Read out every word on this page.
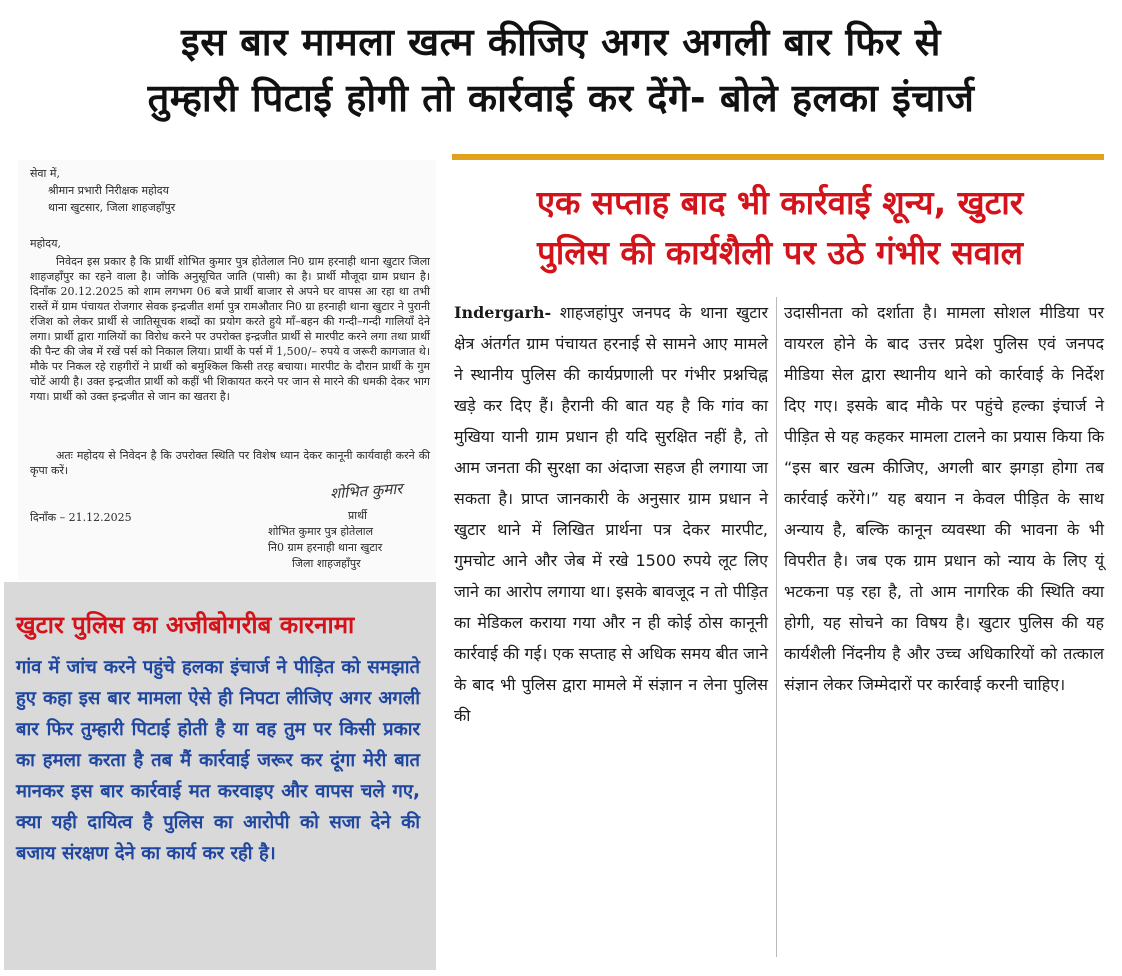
इस बार मामला खत्म कीजिए अगर अगली बार फिर से
तुम्हारी पिटाई होगी तो कार्रवाई कर देंगे- बोले हलका इंचार्ज
एक सप्ताह बाद भी कार्रवाई शून्य, खुटार
पुलिस की कार्यशैली पर उठे गंभीर सवाल
सेवा में,
श्रीमान प्रभारी निरीक्षक महोदय
थाना खुटसार, जिला शाहजहाँपुर
महोदय,
निवेदन इस प्रकार है कि प्रार्थी शोभित कुमार पुत्र होतेलाल नि0 ग्राम हरनाही थाना खुटार जिला शाहजहाँपुर का रहने वाला है। जोकि अनुसूचित जाति (पासी) का है। प्रार्थी मौजूदा ग्राम प्रधान है। दिनाँक 20.12.2025 को शाम लगभग 06 बजे प्रार्थी बाजार से अपने घर वापस आ रहा था तभी रास्तें में ग्राम पंचायत रोजगार सेवक इन्द्रजीत शर्मा पुत्र रामऔतार नि0 ग्रा हरनाही थाना खुटार ने पुरानी रंजिश को लेकर प्रार्थी से जातिसूचक शब्दों का प्रयोग करते हुये माँ–बहन की गन्दी–गन्दी गालियाँ देने लगा। प्रार्थी द्वारा गालियों का विरोध करने पर उपरोक्त इन्द्रजीत प्रार्थी से मारपीट करने लगा तथा प्रार्थी की पैन्ट की जेब में रखें पर्स को निकाल लिया। प्रार्थी के पर्स में 1,500/– रुपये व जरूरी कागजात थे। मौके पर निकल रहे राहगीरों ने प्रार्थी को बमुश्किल किसी तरह बचाया। मारपीट के दौरान प्रार्थी के गुम चोटें आयी है। उक्त इन्द्रजीत प्रार्थी को कहीं भी शिकायत करने पर जान से मारने की धमकी देकर भाग गया। प्रार्थी को उक्त इन्द्रजीत से जान का खतरा है।
अतः महोदय से निवेदन है कि उपरोक्त स्थिति पर विशेष ध्यान देकर कानूनी कार्यवाही करने की कृपा करें।
शोभित कुमार
दिनाँक – 21.12.2025	प्रार्थी
शोभित कुमार पुत्र होतेलाल
नि0 ग्राम हरनाही थाना खुटार
जिला शाहजहाँपुर
खुटार पुलिस का अजीबोगरीब कारनामा
गांव में जांच करने पहुंचे हलका इंचार्ज ने पीड़ित को समझाते हुए कहा इस बार मामला ऐसे ही निपटा लीजिए अगर अगली बार फिर तुम्हारी पिटाई होती है या वह तुम पर किसी प्रकार का हमला करता है तब मैं कार्रवाई जरूर कर दूंगा मेरी बात मानकर इस बार कार्रवाई मत करवाइए और वापस चले गए, क्या यही दायित्व है पुलिस का आरोपी को सजा देने की बजाय संरक्षण देने का कार्य कर रही है।
Indergarh- शाहजहांपुर जनपद के थाना खुटार क्षेत्र अंतर्गत ग्राम पंचायत हरनाई से सामने आए मामले ने स्थानीय पुलिस की कार्यप्रणाली पर गंभीर प्रश्नचिह्न खड़े कर दिए हैं। हैरानी की बात यह है कि गांव का मुखिया यानी ग्राम प्रधान ही यदि सुरक्षित नहीं है, तो आम जनता की सुरक्षा का अंदाजा सहज ही लगाया जा सकता है। प्राप्त जानकारी के अनुसार ग्राम प्रधान ने खुटार थाने में लिखित प्रार्थना पत्र देकर मारपीट, गुमचोट आने और जेब में रखे 1500 रुपये लूट लिए जाने का आरोप लगाया था। इसके बावजूद न तो पीड़ित का मेडिकल कराया गया और न ही कोई ठोस कानूनी कार्रवाई की गई। एक सप्ताह से अधिक समय बीत जाने के बाद भी पुलिस द्वारा मामले में संज्ञान न लेना पुलिस की
उदासीनता को दर्शाता है। मामला सोशल मीडिया पर वायरल होने के बाद उत्तर प्रदेश पुलिस एवं जनपद मीडिया सेल द्वारा स्थानीय थाने को कार्रवाई के निर्देश दिए गए। इसके बाद मौके पर पहुंचे हल्का इंचार्ज ने पीड़ित से यह कहकर मामला टालने का प्रयास किया कि “इस बार खत्म कीजिए, अगली बार झगड़ा होगा तब कार्रवाई करेंगे।” यह बयान न केवल पीड़ित के साथ अन्याय है, बल्कि कानून व्यवस्था की भावना के भी विपरीत है। जब एक ग्राम प्रधान को न्याय के लिए यूं भटकना पड़ रहा है, तो आम नागरिक की स्थिति क्या होगी, यह सोचने का विषय है। खुटार पुलिस की यह कार्यशैली निंदनीय है और उच्च अधिकारियों को तत्काल संज्ञान लेकर जिम्मेदारों पर कार्रवाई करनी चाहिए।
